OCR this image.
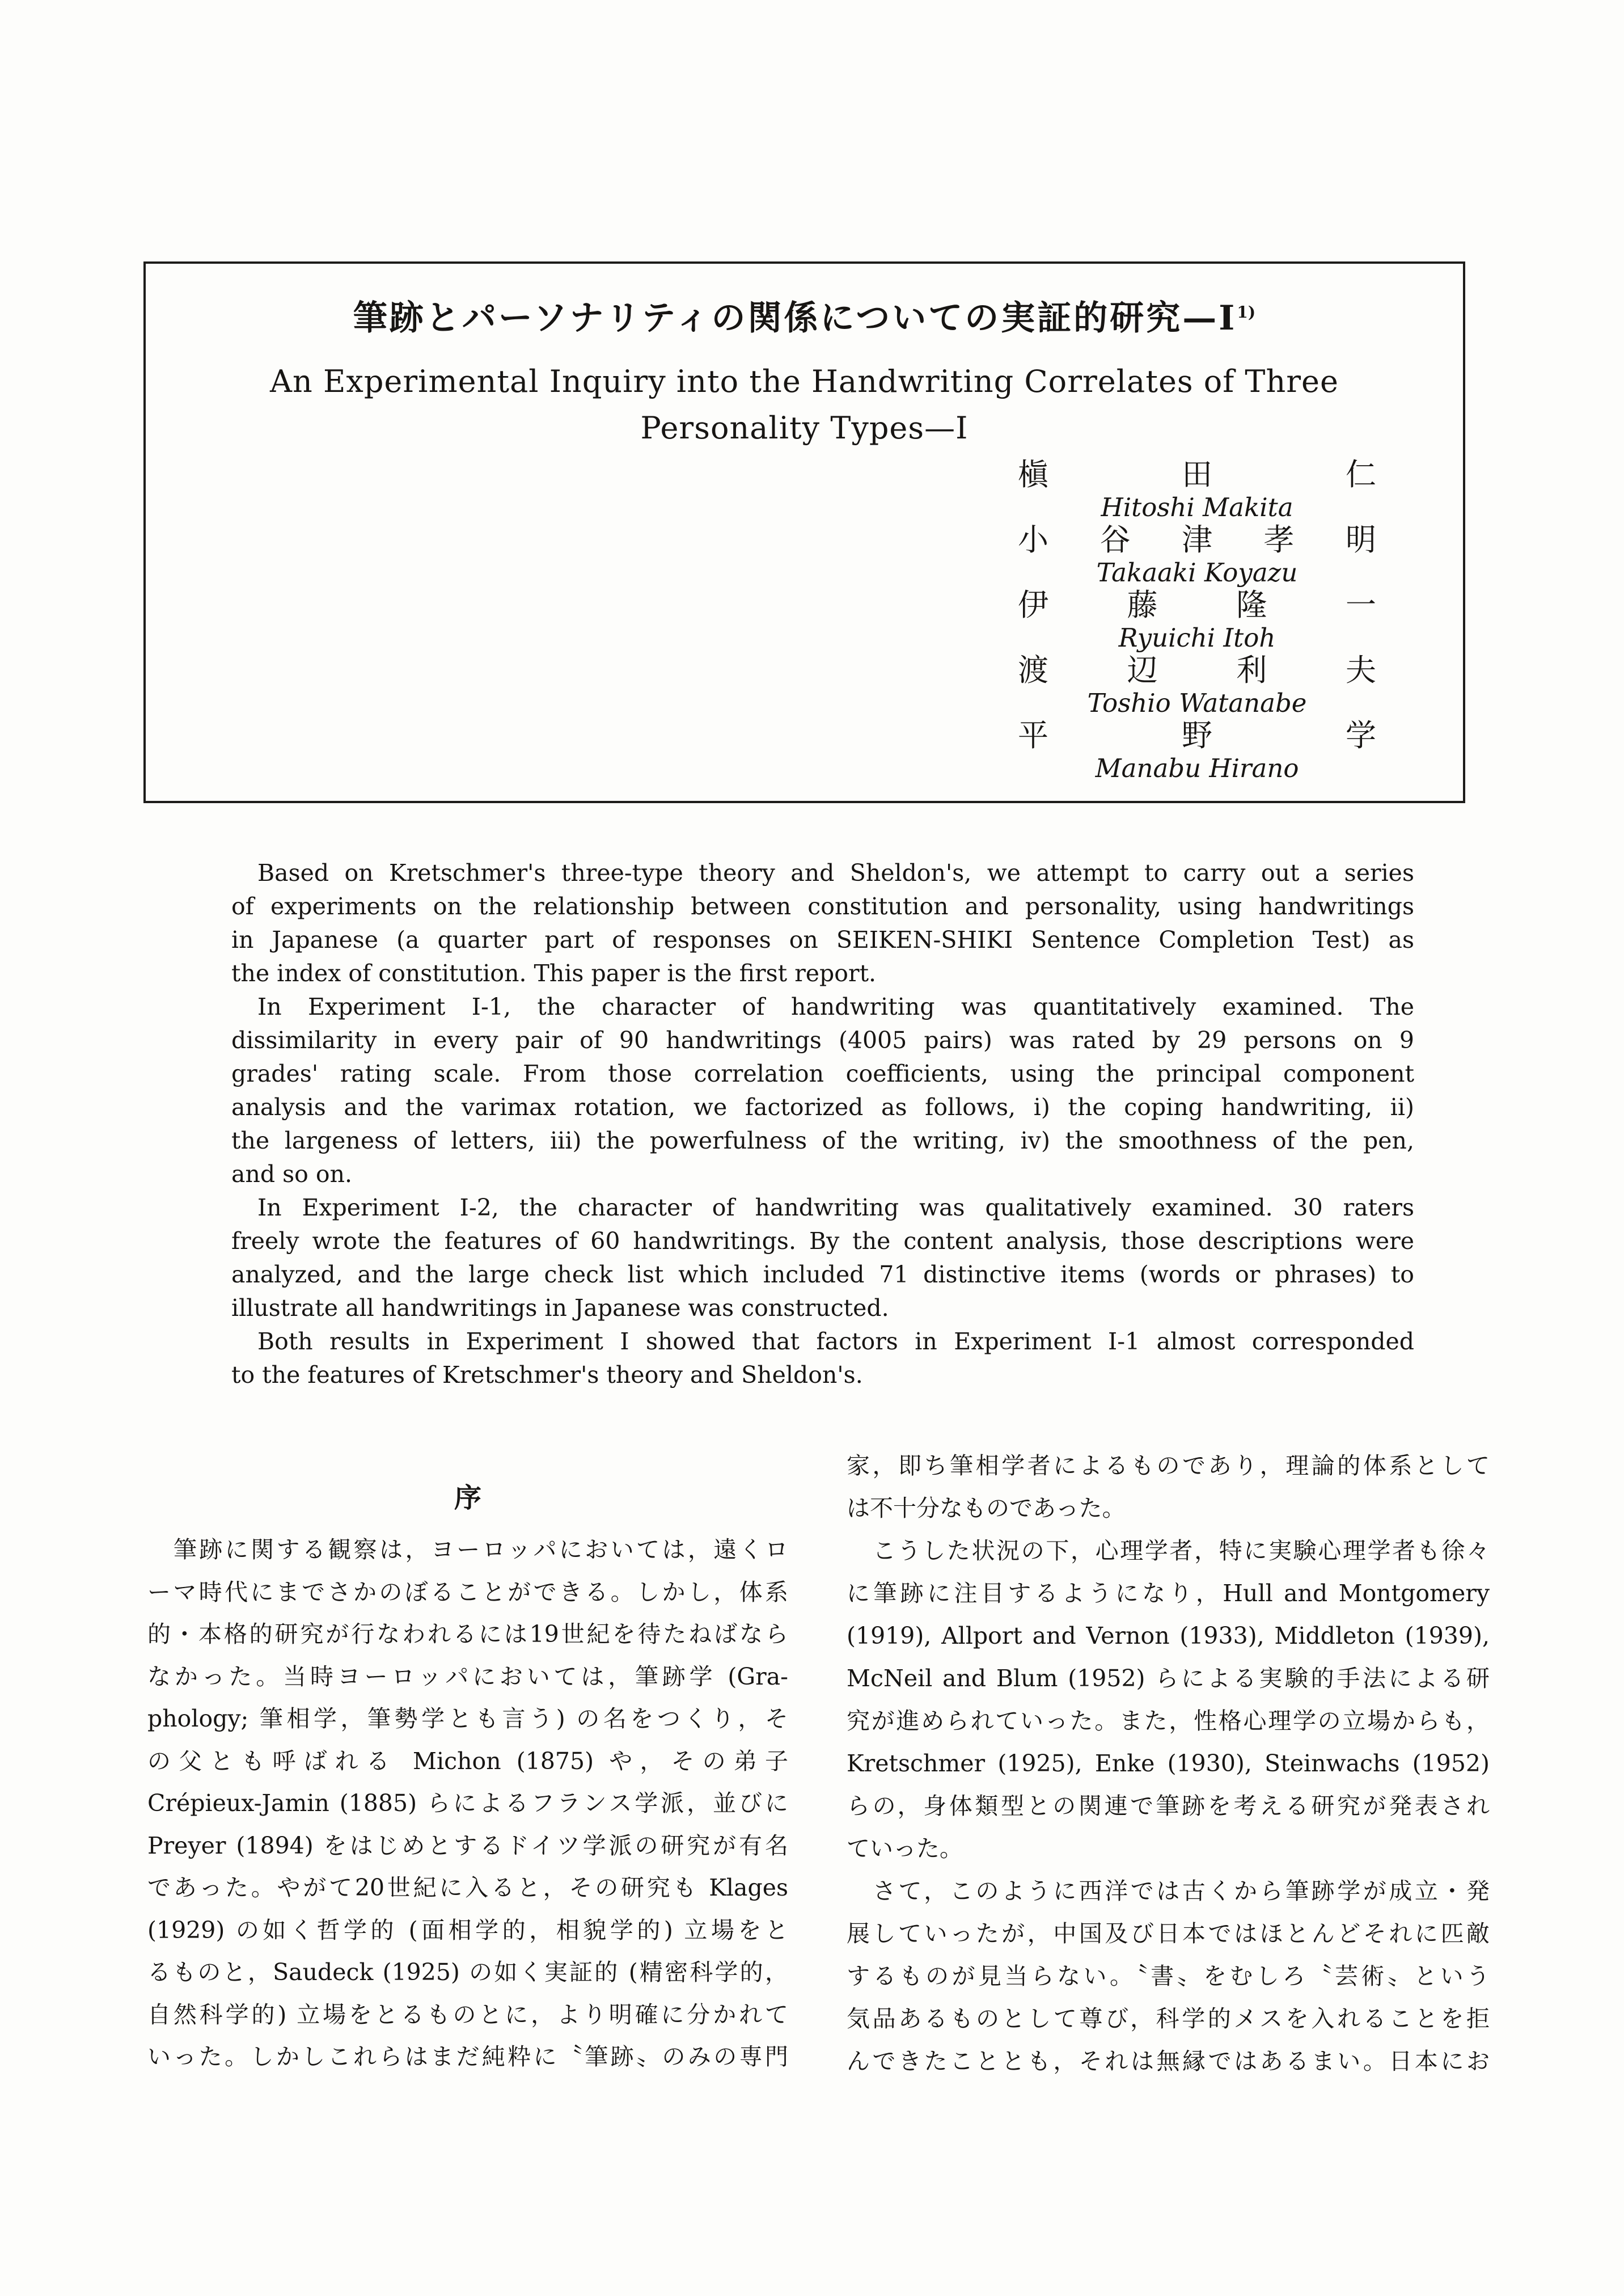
筆跡とパーソナリティの関係についての実証的研究$—I^{1)}$
An Experimental Inquiry into the Handwriting Correlates of Three
Personality Types—I
槇	田	仁
Hitoshi Makita
小 谷 津 孝 明
Takaaki Koyazu
伊	藤	隆	一
Ryuichi Itoh
渡	辺	利	夫
Toshio Watanabe
平	野	学
Manabu Hirano
Based on Kretschmer's three-type theory and Sheldon's, we attempt to carry out a series
of experiments on the relationship between constitution and personality, using handwritings
in Japanese (a quarter part of responses on SEIKEN-SHIKI Sentence Completion Test) as
the index of constitution. This paper is the first report.
In Experiment I-1, the character of handwriting was quantitatively examined. The
dissimilarity in every pair of 90 handwritings (4005 pairs) was rated by 29 persons on 9
grades' rating scale. From those correlation coefficients, using the principal component
analysis and the varimax rotation, we factorized as follows, i) the coping handwriting, ii)
the largeness of letters, iii) the powerfulness of the writing, iv) the smoothness of the pen,
and so on.
In Experiment I-2, the character of handwriting was qualitatively examined. 30 raters
freely wrote the features of 60 handwritings. By the content analysis, those descriptions were
analyzed, and the large check list which included 71 distinctive items (words or phrases) to
illustrate all handwritings in Japanese was constructed.
Both results in Experiment I showed that factors in Experiment I-1 almost corresponded
to the features of Kretschmer's theory and Sheldon's.
序
筆跡に関する観察は，ヨーロッパにおいては，遠くロ
ーマ時代にまでさかのぼることができる。しかし，体系
的・本格的研究が行なわれるには19世紀を待たねばなら
なかった。当時ヨーロッパにおいては，筆跡学 (Gra-
phology; 筆相学，筆勢学とも言う) の名をつくり，そ
の父とも呼ばれる Michon (1875) や，その弟子
Crépieux-Jamin (1885) らによるフランス学派，並びに
Preyer (1894) をはじめとするドイツ学派の研究が有名
であった。やがて20世紀に入ると，その研究も Klages
(1929) の如く哲学的 (面相学的，相貌学的) 立場をと
るものと，Saudeck (1925) の如く実証的 (精密科学的，
自然科学的) 立場をとるものとに，より明確に分かれて
いった。しかしこれらはまだ純粋に〝筆跡〟のみの専門
家，即ち筆相学者によるものであり，理論的体系として
は不十分なものであった。
こうした状況の下，心理学者，特に実験心理学者も徐々
に筆跡に注目するようになり，Hull and Montgomery
(1919), Allport and Vernon (1933), Middleton (1939),
McNeil and Blum (1952) らによる実験的手法による研
究が進められていった。また，性格心理学の立場からも，
Kretschmer (1925), Enke (1930), Steinwachs (1952)
らの，身体類型との関連で筆跡を考える研究が発表され
ていった。
さて，このように西洋では古くから筆跡学が成立・発
展していったが，中国及び日本ではほとんどそれに匹敵
するものが見当らない。〝書〟をむしろ〝芸術〟という
気品あるものとして尊び，科学的メスを入れることを拒
んできたこととも，それは無縁ではあるまい。日本にお
